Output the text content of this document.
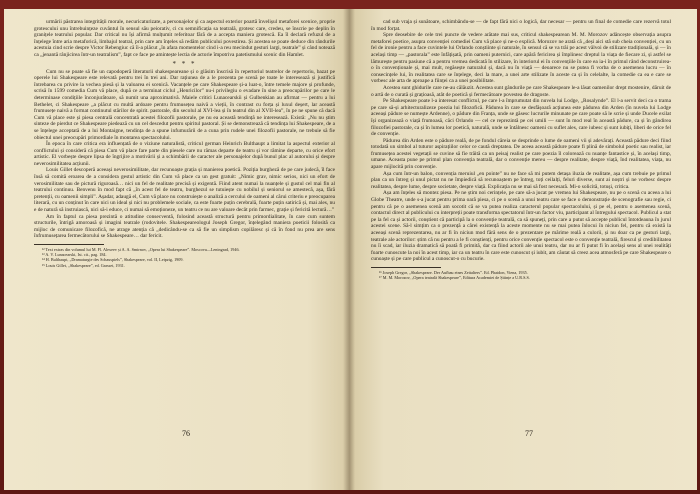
urmării păstrarea integrității morale, necuricaturizate, a personajelor și ca aspectul exterior poartă învelișul metaforei scenice, proprie grotescului unu întrebuințeze cuvântul în sensul său peiorativ, ci cu semnificația sa teatrală, grotesc care, credeu, se înscrie pe deplin în granițele teatrului popular. Dar critical nu își afirmă mulțumit referitoar fără de a accepta maniera grotescă. Ea îl declară refuzul de a înțelege între aria metaforică, limbajul teatral, prin care am înțeles să redăm publicului povestirea. Și acestea se poate deduce din rândurile acestuia cind scrie despre Victor Rebengiuc că îi-a plăcut „în afara momentelor cind i-a reu mecindut gesturi largi, teatrale” și când notează ca „jenantă rânjicirea într-un teatralism”, fapt ce face pe amintește lectia de actorie împotriva patetismului scenic din Hamlet.

* * *

Cum nu se poate să fie un capodoperă literaturii shakespeareane și o glăsim înscrisă în repertoriul teatrelor de repertoriu, bazat pe operele lui Shakespeare este relevată pentru trei în trei ani. Dar rațiunea de a le prezenta pe scenă pe toate le interesează și justifică întrebarea cu privire la vechea piesă și la valoarea ei scenică. Vacanțele pe care Shakespeare și-a luat-o, între temele majore și profunde, scrisă în 1599 comedia Cum vă place, după ce a terminat ciclul „Henricilor” nu-i privilegiu o evadare în sine a preocupărilor pe care le determinase condițiile înconjurătoare, să numit una aproximativă. Maiele critici Lunacearskii și Gulbenkian au afirmat — pentru a lui Bethelet, ci Shakespeare „a plăcut cu multă ardoare pentru frumusețea naivă a vieții, în contrast cu forța și luxul deșert, lar această frumusețe naivă a format continutul stărilor de spirit. pastorale, din secolul al XVI-lea și în teatrul din al XVII-lea”, în pe ne spune că dacă Cum vă place este și piesa centrală concentrată acestei filozofii pastorale, pe nu ea această tendință ne interesează. Există: „Nu nu știm sinteze de pierdut ce Shakespeare piedează cu un cel descedut pentru spiritul pastoral. Și se demonstrează că tendința lui Shakespeare, de a se înțelege acceptată de a lui Montaigne, tendința de a spune infumurării de a cuna prin rudele unei filozofii pastorale, ne trebuie să fie obiectul unei preocupări primordiale în montarea spectacolului.

În epoca în care critica era influențată de o viziune naturalistă, criticul german Heinrich Bulthaupt a limitat la aspectul exterior al conflictului și consideră că piesa Cum vă place fare parte din piesele care nu rămas departe de teatru și vor rămine departe, cu orice efort artistic. El vorbește despre lipsa de îngrijire a motivării și a schimbării de caracter ale personajelor după bunul plac al autorului și despre neverosimilitatea acțiunii.

Louis Gillet descoperă aceeași neverosimilitate, dar recunoaște grația și manierea poetică. Poziția burgheză de pe care judecă, îl face însă să comită eroarea de a considera gestul artistic din Cum vă place ca un gest gratuit: „Nimic grav, nimic serios, nici un efort de verosimilitate sau de pictură riguroasă… nici un fel de realitate precisă și exigentă. Fiind atent numai la nuanțele și gustul cel mai fin al teatrului continuu. Benvenu în mod fapt că „în acest fel de teatru, burghezul se tutuiește cu nobilul și seniorul se amestecă, așa, fără pretenții, cu oamenii simpli”. Așadar, adaugă el, Cum vă place nu construiește o analiză a cercului de oameni al cărui criteriu e preocuparea literară, cu un conținut în care nici un ideal și nici nu problemele sociale, ca este foarte puțin cerebrală, foarte puțin satirică și, mai ales, nu e de natură să instruiască, nici să-i educe, ci numai să emoționeze, un teatru ce nu are valoare decât prin farmec, grație și fericită lectură…”

Am în faptul ca piesa prezintă o atitudine consecventă, folosind această structură pentru primordialitate, în care cum suntem structurile, întrigă amoroasă și imagini teatrale (rodovitele. Shakespeareologul Joseph Gregor, înțelegând maniera poeticii folosită ca mijloc de comunicare filozofică, ne atrage atenția că „dedicându-se ca să fie un simplism copilăresc și că în fond nu prea are sens înfrumusețarea fermecătorului se Shakespeare… dar fericit.

¹² Text extras din volumul lui M. Fl. Alexeev și A. A. Smirnov, „Opera lui Shakespeare”. Moscova—Leningrad, 1946.

¹³ A. V. Lunacearski, Ist. cit., pag. 184.

¹⁴ H. Bulthaupt, „Dramaturgie des Schauspiels”, Shakespeare, vol. II, Leipzig, 1909.

¹⁵ Louis Gillet, „Shakespeare”, ed. Grasset, 1931.

76

cad sub vraja și sunătoare, schimbându-se — de fapt fără nici o logică, dar necesar — pentru un final de comedie care rezervă totul în mod forțat.

Spre deosebire de cele trei puncte de vedere arătate mai sus, criticul shakespearean M. M. Morozov adâncește observația asupra metaforei poetice, asupra convenției comediei Cum vă place și ne-o explică. Morozov ne arată că „deși aici stă sub cheia convenției, cu un fel de ironie pentru a face cuvintele lui Orlando conștiinte și naturale, în sensul că se va trăi pe acest vâlvoi de stilizare tradițională, și — în același timp — „pastorala” este înfățișată, prin oameni puternici, care apără fericirea și împlinesc dreptul la viața de fiecare zi, și astfel se lămurește pentru pasiune că a pentru vremea dedicată în stilizare, în interiorul ei în convențiile în care ea ia-i în primul rând deconstruirea-o în convenționale și, mai mult, regăsește naturalul și, dacă nu în viață — deoarece nu se putea fi vorba de o asemenea lucru — în consecințele lui, în realitatea care se înțelege, deci la mare, a unei arte stilizate în aceste ca și în celelalte, la comedie ca ea e care se vorbesc ale arta de aproape a ființei ca a unei posibilitate.

Acestea sunt ghidurile care ne-au călăuzit. Acestea sunt gândurile pe care Shakespeare le-a lăsat oamenilor drept mostenire, dăruit de o artă de o curată și grațioasă, atât de poetică și fermecătoare povestea de dragoste.

Pe Shakespeare poate l-a interesat conflictul, pe care l-a împrumutat din nuvela lui Lodge, „Rosalynde”. El l-a servit deci ca o trama pe care să-și arhitecturalizeze poezia lui filozofică. Pădurea în care se desfășoară acțiunea este pădurea din Arden (în nuvela lui Lodge aceeași pădure se numește Ardenne), o pădure din Franța, unde se găsesc lucrurile minunate pe care poate să le scrie și unde Ducele exilat își organizează o viață frumoasă, căci Orlando — cel ce reprezintă pe cei umili — sunt în mod real în această pădure, ca și în gândirea filozofiei pastorale, ca și în lumea lor poetică, naturală, unde se întâlnesc oameni cu suflet ales, care iubesc și sunt iubiți, liberi de orice fel de convenție.

Pădurea din Arden este o pădure reală, de pe fondul căreia se desprinde o lume de oameni vii și adevărați. Această pădure deci fiind totodată un simbol al tuturor aspirațiilor celor ce caută dreptatea. De aceea această pădure poate fi plină de simbolul poetic sau realist, iar frumusețea acestei vegetații se cuvine să fie trăită ca un peisaj realist pe care poezia îl colorează cu nuanțe fantastice și, în același timp, umane. Aceasta pune pe primul plan convenția teatrală, dar o convenție mereu — despre realitate, despre viață, înd realitatea, viața, nu apare mijlocită prin convenție.

Așa cum într-un balon, convenția meruiul „en pointe” nu ne face să mi putem detașa iluzia de realitate, așa cum trebuie pe primul plan ca un întreg și unul pictat nu ne împiedică să recunoaștem pe întreg, toți ceilalți, feluri diverse, sunt ai noștri și ne vorbesc despre realitatea, despre lume, despre societate, despre viață. Explicația nu se mai să fost necesară. Mi-o solicită, totuși, critica.

Așa am înțeles să montez piesa. Pe ne știm noi cerințele, pe care să-a jucat pe vremea lui Shakespeare, nu pe o scenă cu aceea a lui Globe Theatre, unde s-a jucat pentru prima oară piesa, ci pe o scenă a unui teatru care se face o demonstrație de scenografie sau regie, ci pentru că pe o asemenea scenă am socotit că se va putea realiza caracterul popular spectacolului, și pe el, pentru o asemenea scenă, contactul direct al publicului cu interpreții poate transforma spectatorul într-un factor viu, participant al întregului spectacol. Publicul a stat pe la fel ca și actorii, conștient că participă la o convenție teatrală, ca să spuneți, prin care a putut să accepte publicul întotdeauna în jurul acestei scene. Să-l simțim ca o prezență a cărei existență la aceste momente nu se mai putea înlocui în niciun fel, pentru că există la aceeași scenă reprezentarea, nu ar fi în niciun mod fără sens de o prezentare pe mărime reală a culorii, și nu doar ca pe gesturi largi, teatrale ale actorilor: știm că nu pentru a le fi conștienți, pentru orice convenție spectacol este o convenție teatrală, firescul și credibilitatea nu îi scad, iar iluzia dramatică să poată fi primită, dar ca fiind actorii ale unui teatru, dar nu ar fi putut fi în același sens al unei realități foarte cunoscute la noi în acest timp, iar ca un teatru în care este cunoscut și iubit, am căutat să creez acea atmosferă pe care Shakespeare o cunoaște și pe care publicul a cunoscut-o cu bucurie.

¹⁶ Joseph Gregor, „Shakespeare. Der Aufbau eines Zeitalters”. Ed. Phaidon, Viena, 1935.

¹⁷ M. M. Morozov, „Opera teatrală Shakespeare”, Editura Academiei de Științe a U.R.S.S.

77
